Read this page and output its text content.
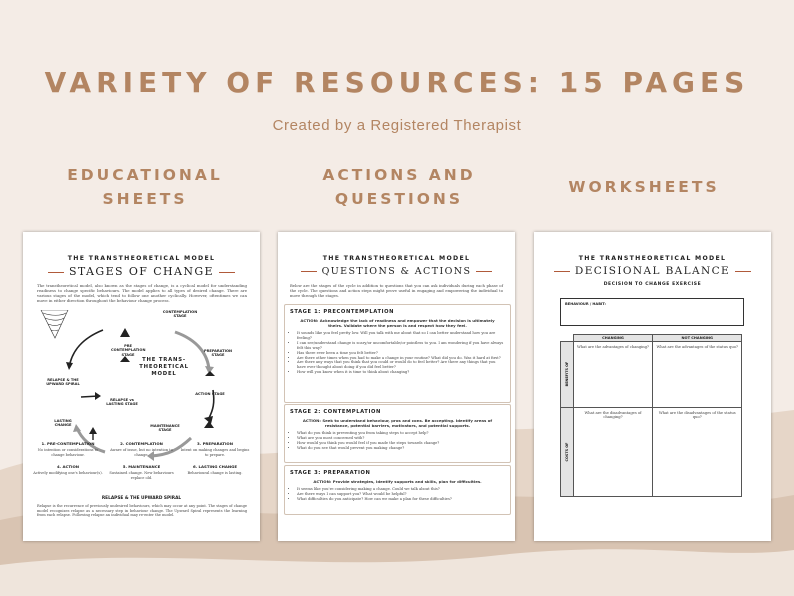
VARIETY OF RESOURCES: 15 PAGES
Created by a Registered Therapist
EDUCATIONAL
SHEETS
ACTIONS AND
QUESTIONS
WORKSHEETS
THE TRANSTHEORETICAL MODEL
STAGES OF CHANGE
The transtheoretical model, also known as the stages of change, is a cyclical model for understanding readiness to change specific behaviours. The model applies to all types of desired change. There are various stages of the model, which tend to follow one another cyclically. However, oftentimes we can move in either direction throughout the behaviour change process.
CONTEMPLATION STAGE
PRE CONTEMPLATION STAGE
PREPARATION STAGE
ACTION STAGE
MAINTENANCE STAGE
RELAPSE vs LASTING STAGE
RELAPSE & THE UPWARD SPIRAL
LASTING CHANGE
THE TRANS-
THEORETICAL
MODEL
1. PRE-CONTEMPLATION
No intention or considerations to change behaviour.
2. CONTEMPLATION
Aware of issue, but no intention to change.
3. PREPARATION
Intent on making changes and begins to prepare.
4. ACTION
Actively modifying one's behaviour(s).
5. MAINTENANCE
Sustained change. New behaviours replace old.
6. LASTING CHANGE
Behavioural change is lasting.
RELAPSE & THE UPWARD SPIRAL
Relapse is the recurrence of previously undesired behaviours, which may occur at any point. The stages of change model recognizes relapse as a necessary step in behaviour change. The Upward Spiral represents the learning from each relapse. Following relapse an individual may re-enter the model.
THE TRANSTHEORETICAL MODEL
QUESTIONS & ACTIONS
Below are the stages of the cycle in addition to questions that you can ask individuals during each phase of the cycle. The questions and action steps might prove useful in engaging and empowering the individual to move through the stages.
STAGE 1: PRECONTEMPLATION
ACTION: Acknowledge the lack of readiness and empower that the decision is ultimately theirs. Validate where the person is and respect how they feel.
• It sounds like you feel pretty low. Will you talk with me about that so I can better understand how you are feeling?
• I can see/understand change is scary/or uncomfortable/or pointless to you. I am wondering if you have always felt this way?
• Has there ever been a time you felt better?
• Are there other times when you had to make a change in your routine? What did you do. Was it hard at first?
• Are there any ways that you think that you could or would do to feel better? Are there any things that you have ever thought about doing if you did feel better?
• How will you know when it is time to think about changing?
STAGE 2: CONTEMPLATION
ACTION: Seek to understand behaviour, pros and cons. Be accepting. Identify areas of resistance, potential barriers, motivators, and potential supports.
• What do you think is preventing you from taking steps to accept help?
• What are you most concerned with?
• How would you think you would feel if you made the steps towards change?
• What do you see that would prevent you making change?
STAGE 3: PREPARATION
ACTION: Provide strategies, identify supports and skills, plan for difficulties.
• It seems like you're considering making a change. Could we talk about this?
• Are there ways I can support you? What would be helpful?
• What difficulties do you anticipate? How can we make a plan for these difficulties?
THE TRANSTHEORETICAL MODEL
DECISIONAL BALANCE
DECISION TO CHANGE EXERCISE
BEHAVIOUR / HABIT:
	CHANGING	NOT CHANGING

BENEFITS OF	What are the advantages of changing?	What are the advantages of the status quo?

COSTS OF	What are the disadvantages of changing?	What are the disadvantages of the status quo?
